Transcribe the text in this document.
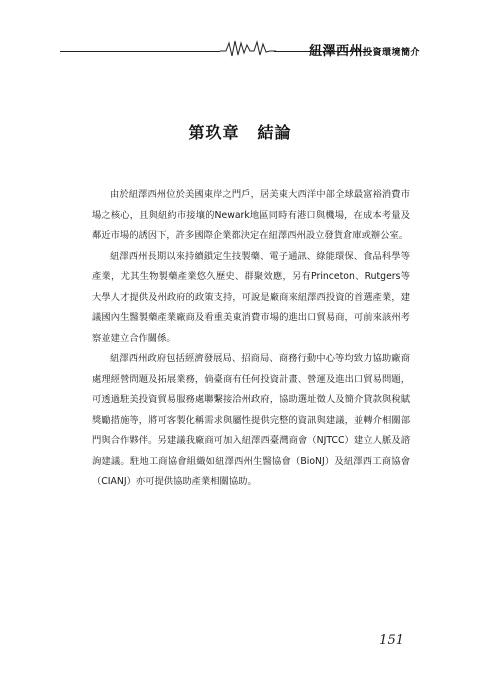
紐澤西州投資環境簡介
第玖章 結論

由於紐澤西州位於美國東岸之門戶，居美東大西洋中部全球最富裕消費市場之核心，且與紐約市接壤的Newark地區同時有港口與機場，在成本考量及鄰近市場的誘因下，許多國際企業都決定在紐澤西州設立發貨倉庫或辦公室。

紐澤西州長期以來持續鎖定生技製藥、電子通訊、綠能環保、食品科學等產業，尤其生物製藥產業悠久歷史、群聚效應，另有Princeton、Rutgers等大學人才提供及州政府的政策支持，可說是廠商來紐澤西投資的首選產業，建議國內生醫製藥產業廠商及看重美東消費市場的進出口貿易商，可前來該州考察並建立合作關係。

紐澤西州政府包括經濟發展局、招商局、商務行動中心等均致力協助廠商處理經營問題及拓展業務，倘臺商有任何投資計畫、營運及進出口貿易問題，可透過駐美投資貿易服務處聯繫接洽州政府，協助選址徵人及簡介貸款與稅賦獎勵措施等，將可客製化稱需求與屬性提供完整的資訊與建議，並轉介相關部門與合作夥伴。另建議我廠商可加入紐澤西臺灣商會（NJTCC）建立人脈及諮詢建議。駐地工商協會組織如紐澤西州生醫協會（BioNJ）及紐澤西工商協會（CIANJ）亦可提供協助產業相關協助。

151
